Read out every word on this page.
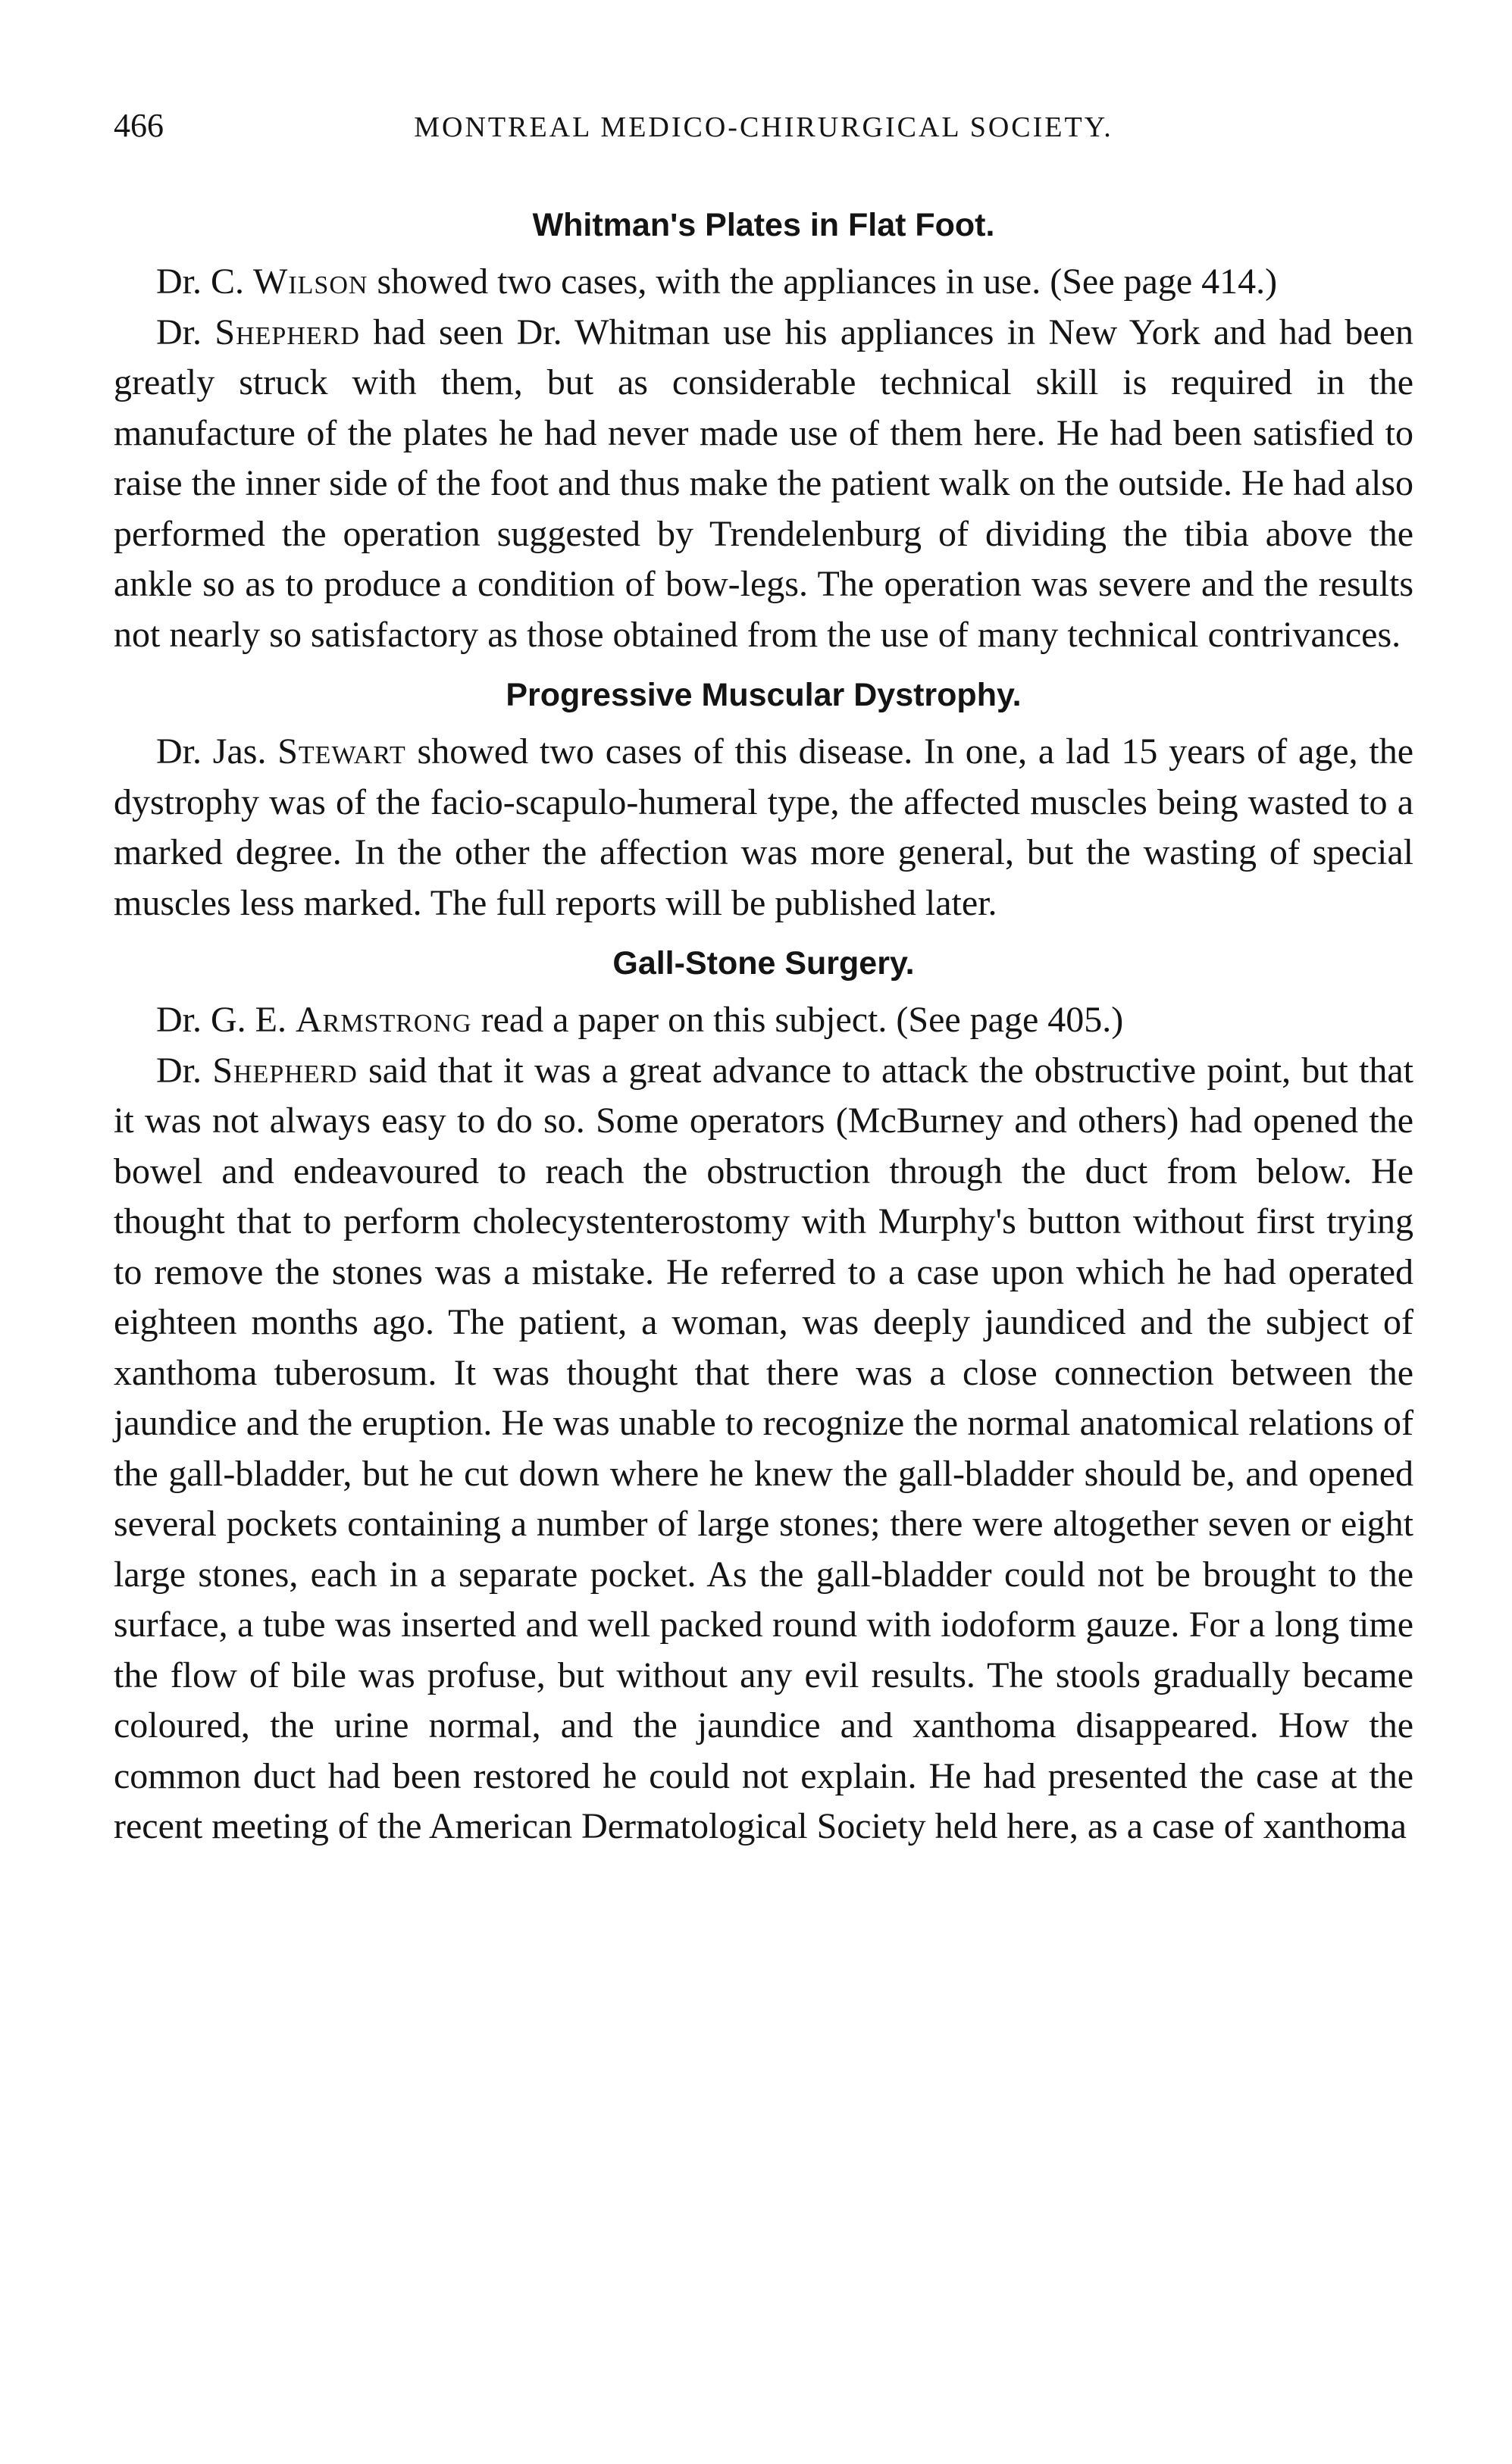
466	MONTREAL MEDICO-CHIRURGICAL SOCIETY.
Whitman's Plates in Flat Foot.

Dr. C. Wilson showed two cases, with the appliances in use. (See page 414.)

Dr. Shepherd had seen Dr. Whitman use his appliances in New York and had been greatly struck with them, but as considerable technical skill is required in the manufacture of the plates he had never made use of them here. He had been satisfied to raise the inner side of the foot and thus make the patient walk on the outside. He had also performed the operation suggested by Trendelenburg of dividing the tibia above the ankle so as to produce a condition of bow-legs. The operation was severe and the results not nearly so satisfactory as those obtained from the use of many technical contrivances.

Progressive Muscular Dystrophy.

Dr. Jas. Stewart showed two cases of this disease. In one, a lad 15 years of age, the dystrophy was of the facio-scapulo-humeral type, the affected muscles being wasted to a marked degree. In the other the affection was more general, but the wasting of special muscles less marked. The full reports will be published later.

Gall-Stone Surgery.

Dr. G. E. Armstrong read a paper on this subject. (See page 405.)

Dr. Shepherd said that it was a great advance to attack the obstructive point, but that it was not always easy to do so. Some operators (McBurney and others) had opened the bowel and endeavoured to reach the obstruction through the duct from below. He thought that to perform cholecystenterostomy with Murphy's button without first trying to remove the stones was a mistake. He referred to a case upon which he had operated eighteen months ago. The patient, a woman, was deeply jaundiced and the subject of xanthoma tuberosum. It was thought that there was a close connection between the jaundice and the eruption. He was unable to recognize the normal anatomical relations of the gall-bladder, but he cut down where he knew the gall-bladder should be, and opened several pockets containing a number of large stones; there were altogether seven or eight large stones, each in a separate pocket. As the gall-bladder could not be brought to the surface, a tube was inserted and well packed round with iodoform gauze. For a long time the flow of bile was profuse, but without any evil results. The stools gradually became coloured, the urine normal, and the jaundice and xanthoma disappeared. How the common duct had been restored he could not explain. He had presented the case at the recent meeting of the American Dermatological Society held here, as a case of xanthoma
